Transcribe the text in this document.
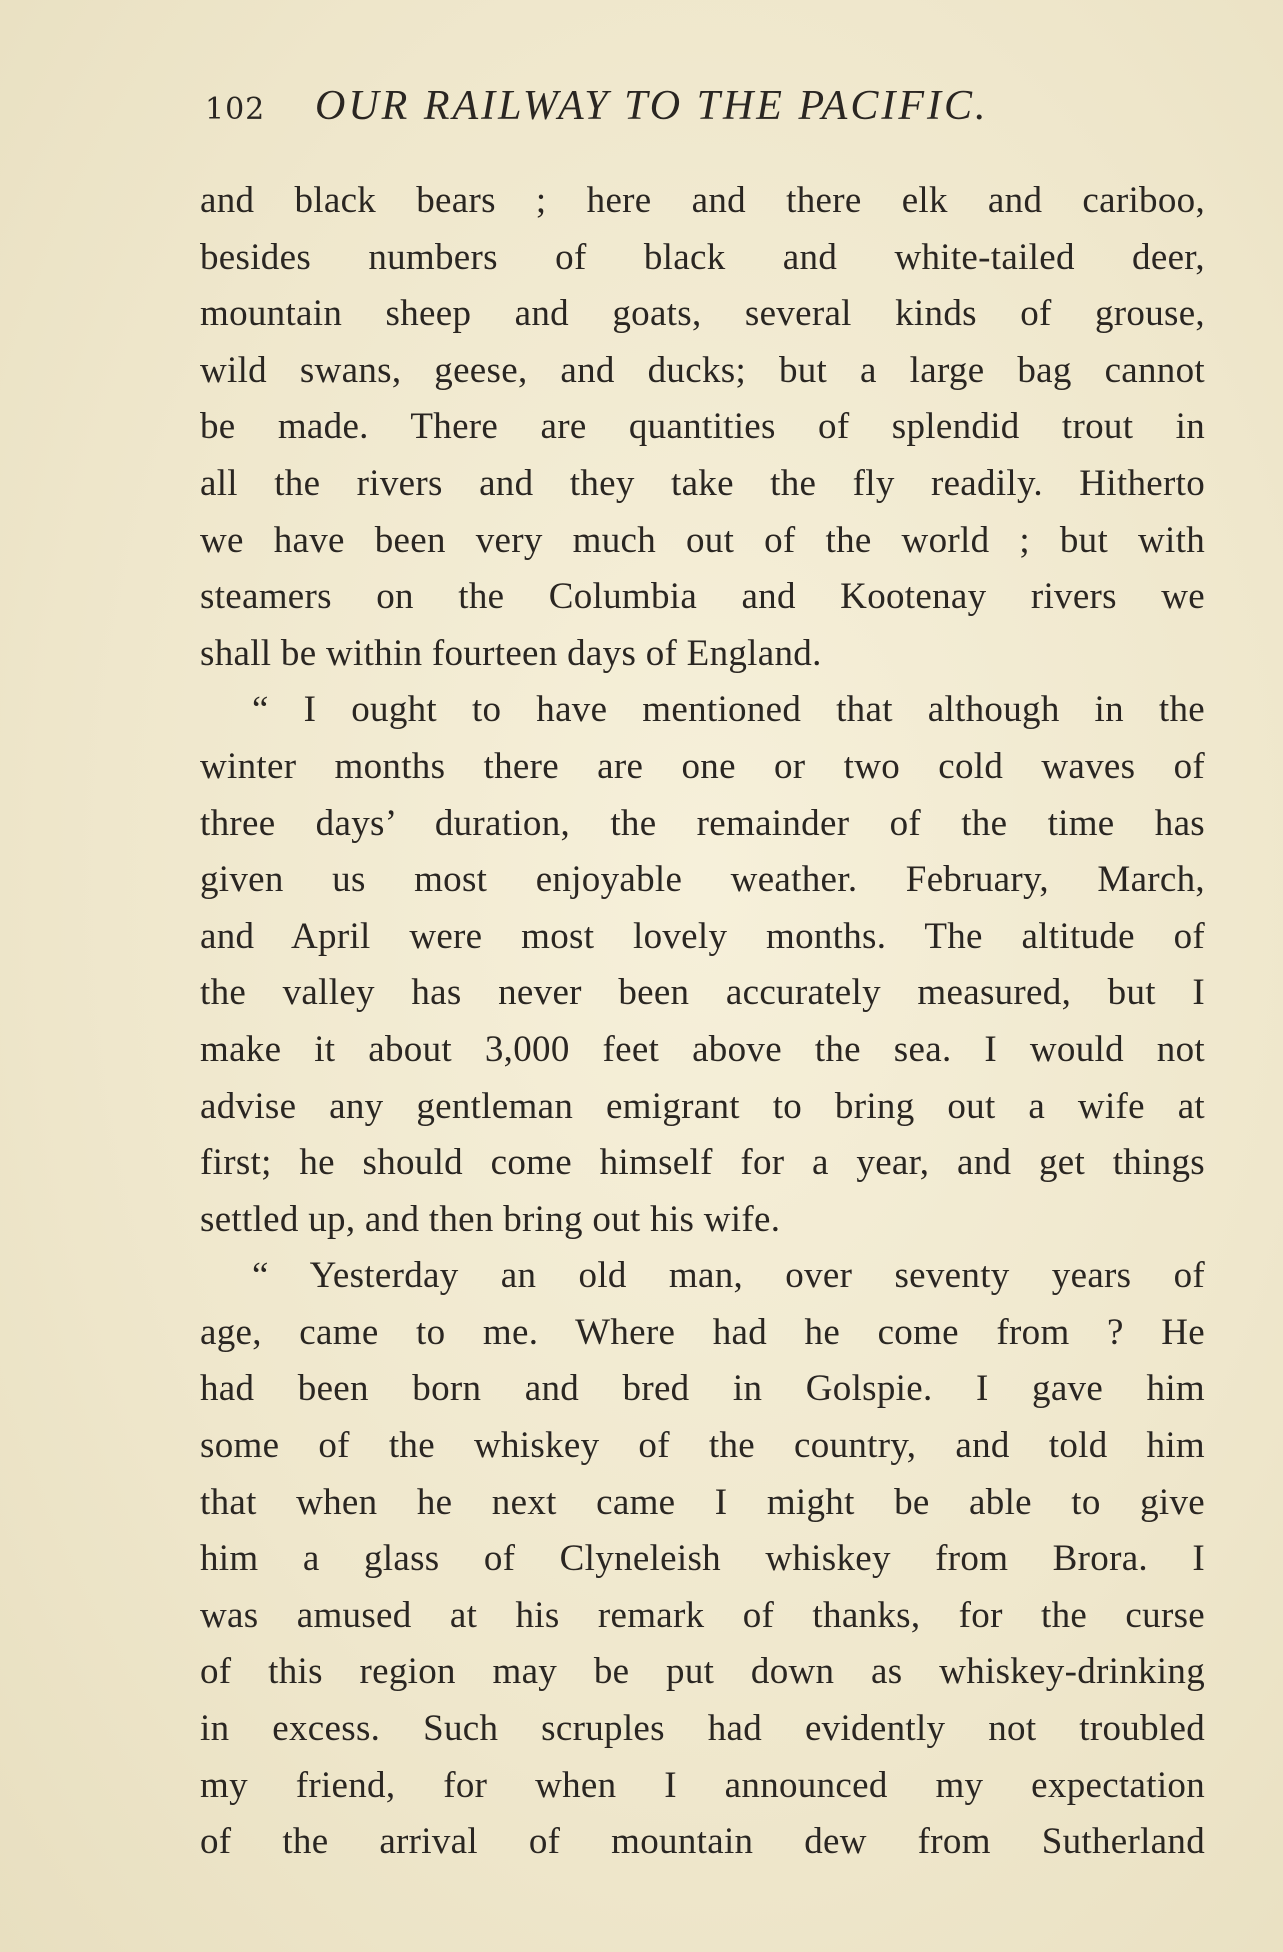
102	OUR RAILWAY TO THE PACIFIC.
and black bears ; here and there elk and cariboo,
besides numbers of black and white-tailed deer,
mountain sheep and goats, several kinds of grouse,
wild swans, geese, and ducks; but a large bag cannot
be made. There are quantities of splendid trout in
all the rivers and they take the fly readily. Hitherto
we have been very much out of the world ; but with
steamers on the Columbia and Kootenay rivers we
shall be within fourteen days of England.
“ I ought to have mentioned that although in the
winter months there are one or two cold waves of
three days’ duration, the remainder of the time has
given us most enjoyable weather. February, March,
and April were most lovely months. The altitude of
the valley has never been accurately measured, but I
make it about 3,000 feet above the sea. I would not
advise any gentleman emigrant to bring out a wife at
first; he should come himself for a year, and get things
settled up, and then bring out his wife.
“ Yesterday an old man, over seventy years of
age, came to me. Where had he come from ? He
had been born and bred in Golspie. I gave him
some of the whiskey of the country, and told him
that when he next came I might be able to give
him a glass of Clyneleish whiskey from Brora. I
was amused at his remark of thanks, for the curse
of this region may be put down as whiskey-drinking
in excess. Such scruples had evidently not troubled
my friend, for when I announced my expectation
of the arrival of mountain dew from Sutherland
